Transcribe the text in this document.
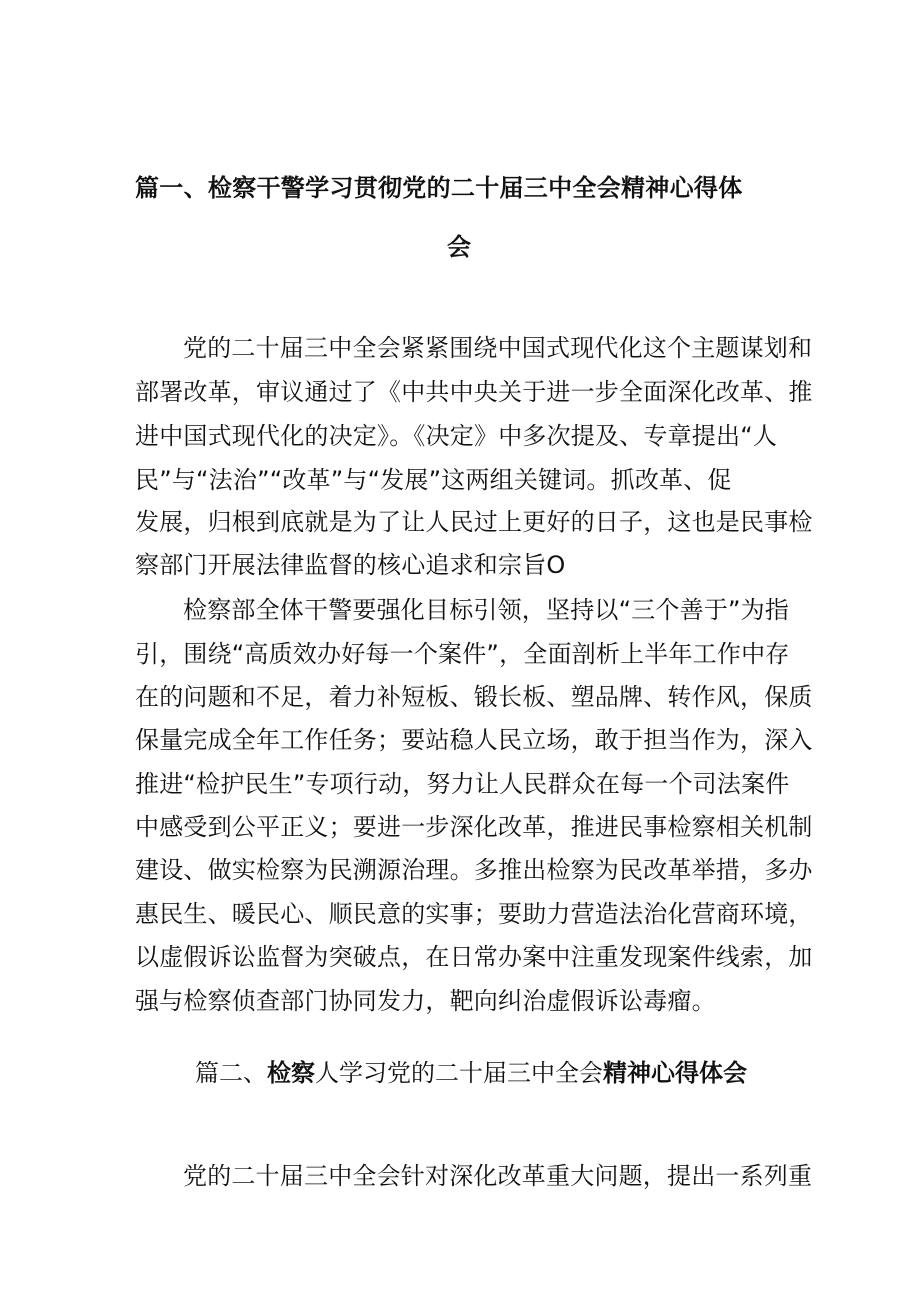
篇一、检察干警学习贯彻党的二十届三中全会精神心得体
会
党的二十届三中全会紧紧围绕中国式现代化这个主题谋划和
部署改革，审议通过了《中共中央关于进一步全面深化改革、推
进中国式现代化的决定》。《决定》中多次提及、专章提出“人
民”与“法治”“改革”与“发展”这两组关键词。抓改革、促
发展，归根到底就是为了让人民过上更好的日子，这也是民事检
察部门开展法律监督的核心追求和宗旨O
检察部全体干警要强化目标引领，坚持以“三个善于”为指
引，围绕“高质效办好每一个案件”，全面剖析上半年工作中存
在的问题和不足，着力补短板、锻长板、塑品牌、转作风，保质
保量完成全年工作任务；要站稳人民立场，敢于担当作为，深入
推进“检护民生”专项行动，努力让人民群众在每一个司法案件
中感受到公平正义；要进一步深化改革，推进民事检察相关机制
建设、做实检察为民溯源治理。多推出检察为民改革举措，多办
惠民生、暖民心、顺民意的实事；要助力营造法治化营商环境，
以虚假诉讼监督为突破点，在日常办案中注重发现案件线索，加
强与检察侦查部门协同发力，靶向纠治虚假诉讼毒瘤。
篇二、检察人学习党的二十届三中全会精神心得体会
党的二十届三中全会针对深化改革重大问题，提出一系列重
